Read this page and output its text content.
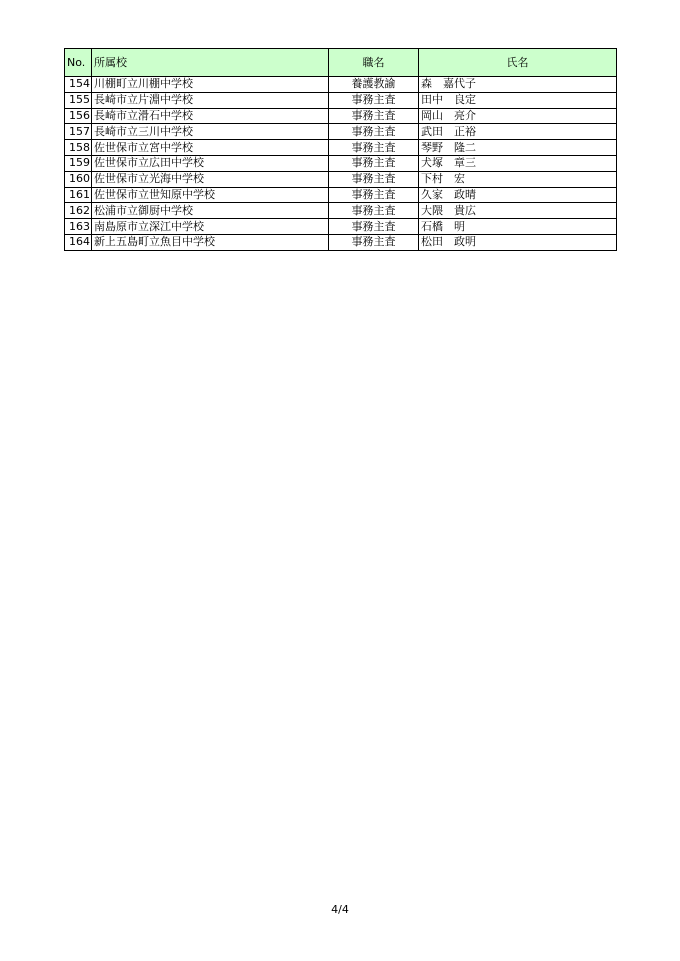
No.	所属校	職名	氏名
154	川棚町立川棚中学校	養護教諭	森　嘉代子
155	長崎市立片淵中学校	事務主査	田中　良定
156	長崎市立滑石中学校	事務主査	岡山　亮介
157	長崎市立三川中学校	事務主査	武田　正裕
158	佐世保市立宮中学校	事務主査	琴野　隆二
159	佐世保市立広田中学校	事務主査	犬塚　章三
160	佐世保市立光海中学校	事務主査	下村　宏
161	佐世保市立世知原中学校	事務主査	久家　政晴
162	松浦市立御厨中学校	事務主査	大隈　貴広
163	南島原市立深江中学校	事務主査	石橋　明
164	新上五島町立魚目中学校	事務主査	松田　政明
4/4
